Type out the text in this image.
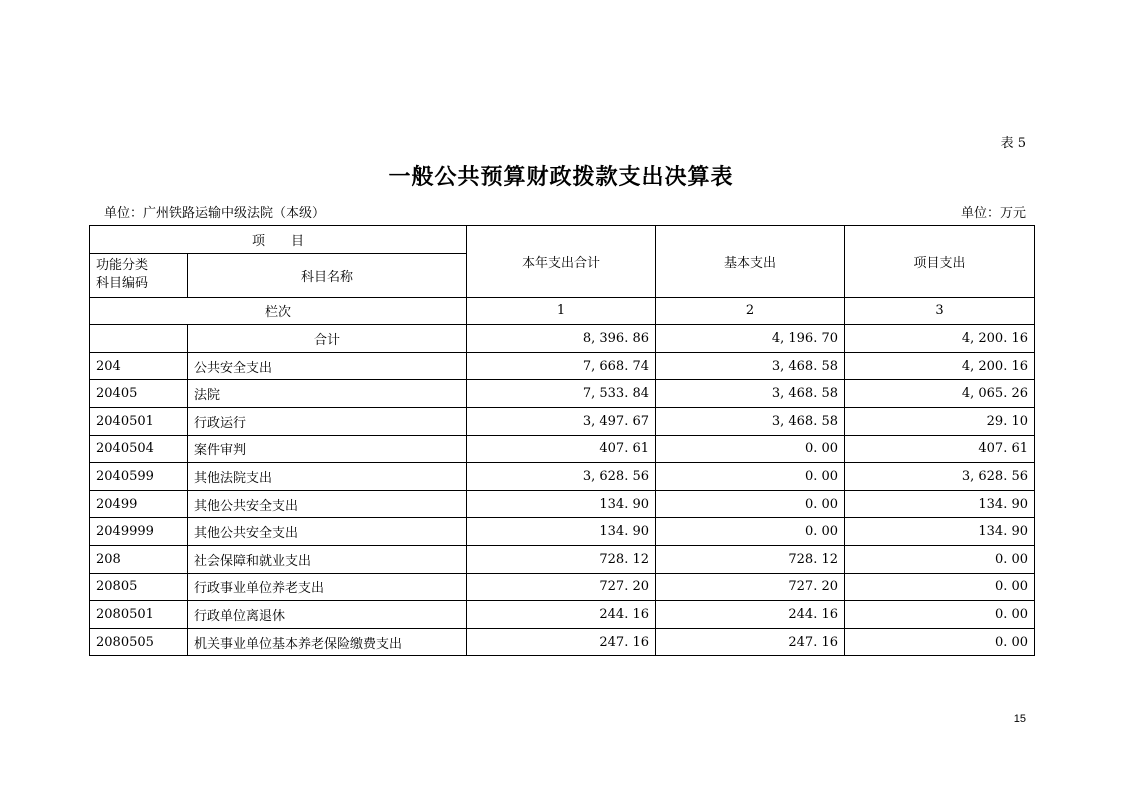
表 5
一般公共预算财政拨款支出决算表
单位：广州铁路运输中级法院（本级）	单位：万元
项　　目		本年支出合计	基本支出	项目支出

功能分类
科目编码	科目名称			
栏次		1	2	3
	合计	8, 396. 86	4, 196. 70	4, 200. 16
204	公共安全支出	7, 668. 74	3, 468. 58	4, 200. 16
20405	法院	7, 533. 84	3, 468. 58	4, 065. 26
2040501	行政运行	3, 497. 67	3, 468. 58	29. 10
2040504	案件审判	407. 61	0. 00	407. 61
2040599	其他法院支出	3, 628. 56	0. 00	3, 628. 56
20499	其他公共安全支出	134. 90	0. 00	134. 90
2049999	其他公共安全支出	134. 90	0. 00	134. 90
208	社会保障和就业支出	728. 12	728. 12	0. 00
20805	行政事业单位养老支出	727. 20	727. 20	0. 00
2080501	行政单位离退休	244. 16	244. 16	0. 00
2080505	机关事业单位基本养老保险缴费支出	247. 16	247. 16	0. 00
15
